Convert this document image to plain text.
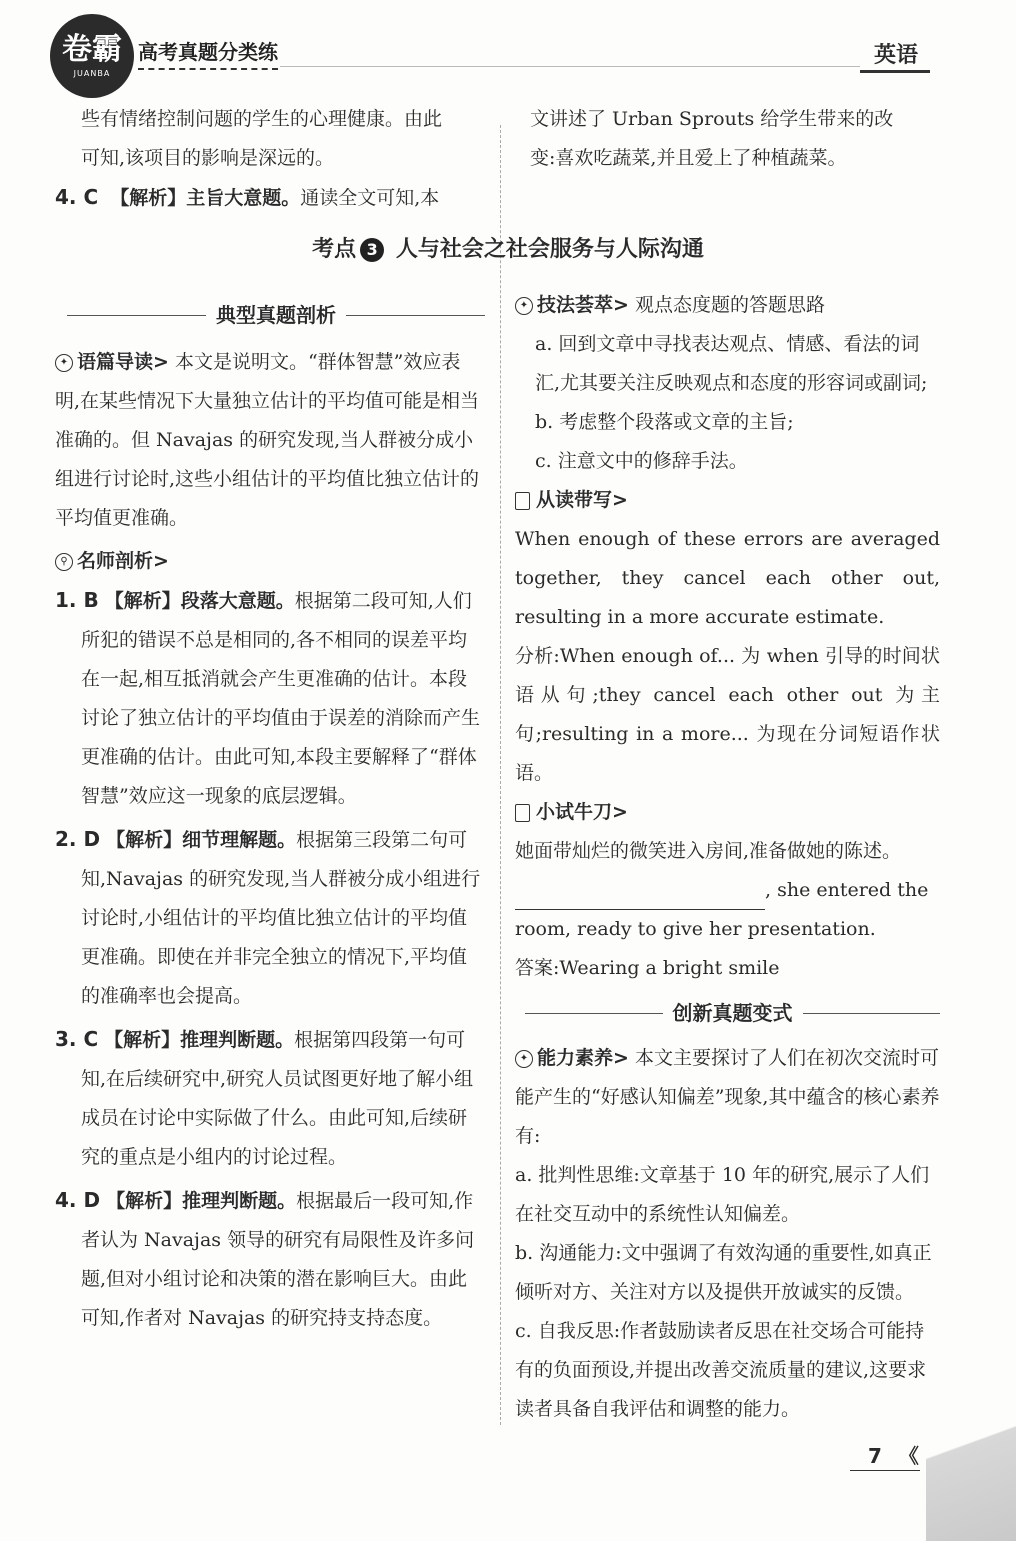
卷霸
JUANBA
高考真题分类练	英语

些有情绪控制问题的学生的心理健康。由此

可知,该项目的影响是深远的。

4. C 【解析】主旨大意题。通读全文可知,本

文讲述了 Urban Sprouts 给学生带来的改

变:喜欢吃蔬菜,并且爱上了种植蔬菜。

考点 3 人与社会之社会服务与人际沟通
典型真题剖析

✦ 语篇导读> 本文是说明文。“群体智慧”效应表明,在某些情况下大量独立估计的平均值可能是相当准确的。但 Navajas 的研究发现,当人群被分成小组进行讨论时,这些小组估计的平均值比独立估计的平均值更准确。

⚲ 名师剖析>

1. B 【解析】段落大意题。根据第二段可知,人们所犯的错误不总是相同的,各不相同的误差平均在一起,相互抵消就会产生更准确的估计。本段讨论了独立估计的平均值由于误差的消除而产生更准确的估计。由此可知,本段主要解释了“群体智慧”效应这一现象的底层逻辑。

2. D 【解析】细节理解题。根据第三段第二句可知,Navajas 的研究发现,当人群被分成小组进行讨论时,小组估计的平均值比独立估计的平均值更准确。即使在并非完全独立的情况下,平均值的准确率也会提高。

3. C 【解析】推理判断题。根据第四段第一句可知,在后续研究中,研究人员试图更好地了解小组成员在讨论中实际做了什么。由此可知,后续研究的重点是小组内的讨论过程。

4. D 【解析】推理判断题。根据最后一段可知,作者认为 Navajas 领导的研究有局限性及许多问题,但对小组讨论和决策的潜在影响巨大。由此可知,作者对 Navajas 的研究持支持态度。

✦ 技法荟萃> 观点态度题的答题思路

a. 回到文章中寻找表达观点、情感、看法的词汇,尤其要关注反映观点和态度的形容词或副词;

b. 考虑整个段落或文章的主旨;

c. 注意文中的修辞手法。

从读带写>

When enough of these errors are averaged together, they cancel each other out, resulting in a more accurate estimate.

分析:When enough of... 为 when 引导的时间状语从句;they cancel each other out 为主句;resulting in a more... 为现在分词短语作状语。

小试牛刀>

她面带灿烂的微笑进入房间,准备做她的陈述。

, she entered the

room, ready to give her presentation.

答案:Wearing a bright smile

创新真题变式

✦ 能力素养> 本文主要探讨了人们在初次交流时可能产生的“好感认知偏差”现象,其中蕴含的核心素养有:

a. 批判性思维:文章基于 10 年的研究,展示了人们在社交互动中的系统性认知偏差。

b. 沟通能力:文中强调了有效沟通的重要性,如真正倾听对方、关注对方以及提供开放诚实的反馈。

c. 自我反思:作者鼓励读者反思在社交场合可能持有的负面预设,并提出改善交流质量的建议,这要求读者具备自我评估和调整的能力。

7 《
